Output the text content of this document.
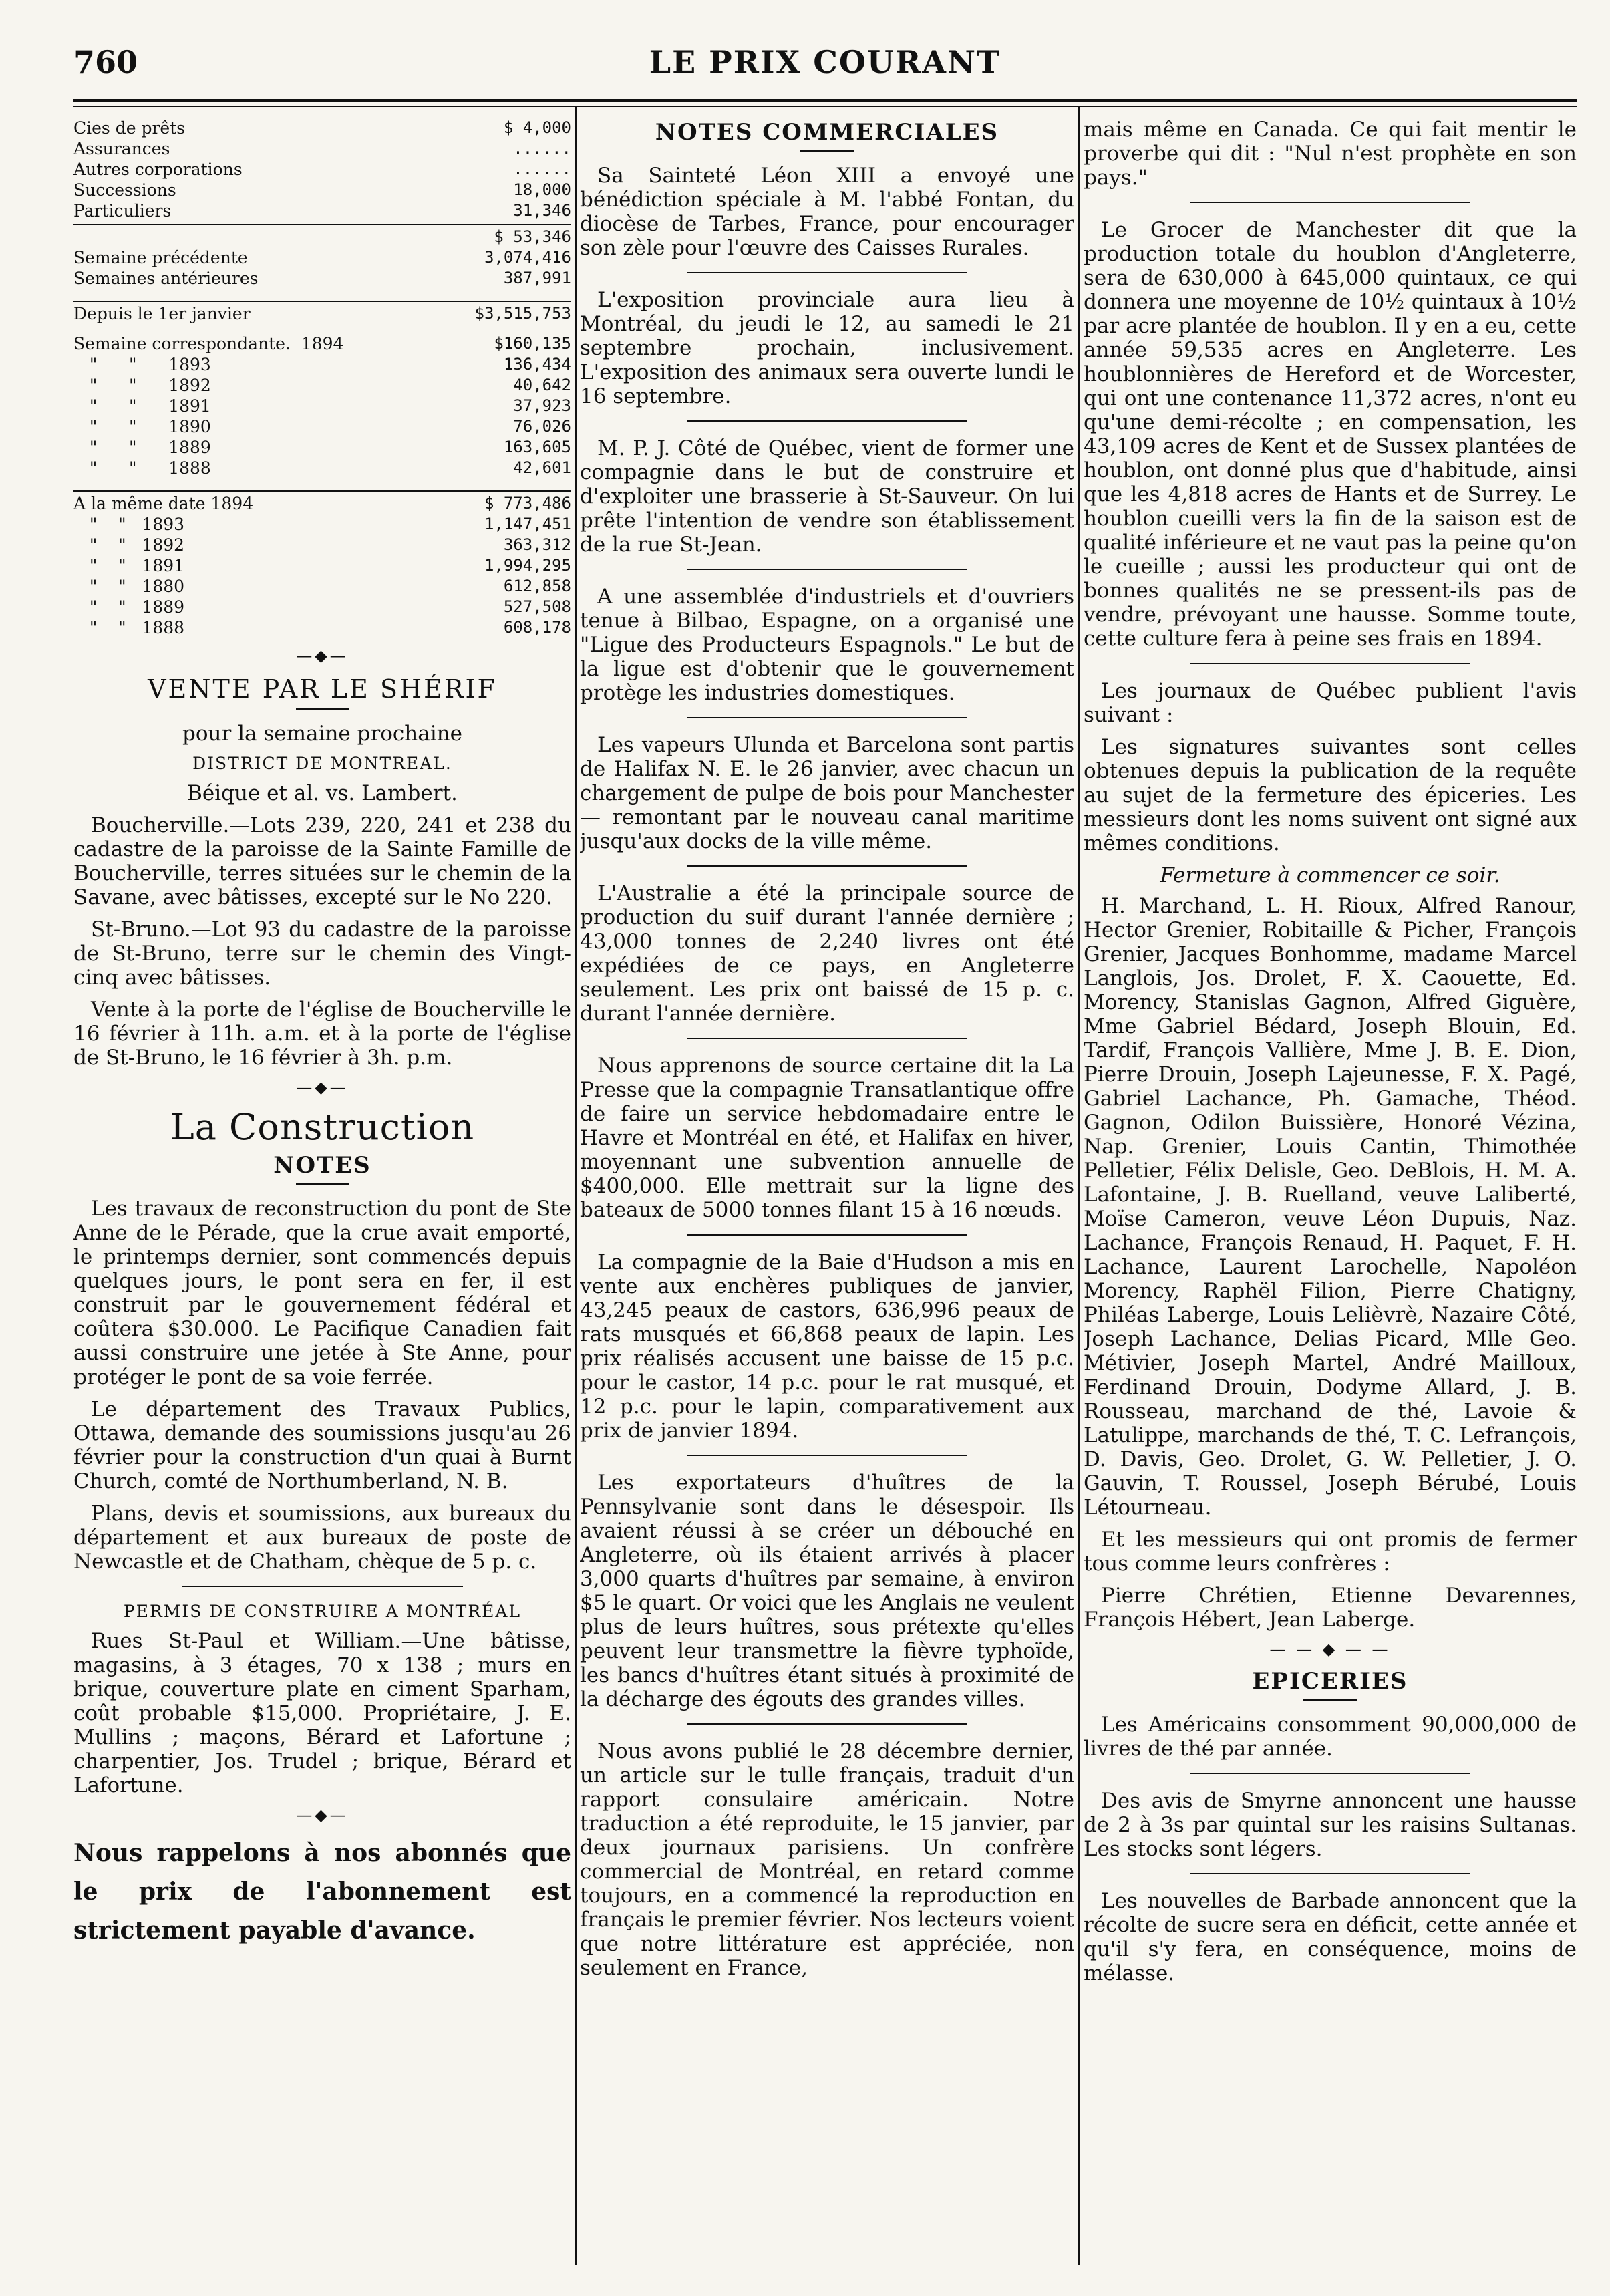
760	LE PRIX COURANT
Cies de prêts	$ 4,000
Assurances	......
Autres corporations	......
Successions	18,000
Particuliers	31,346
$ 53,346
Semaine précédente	3,074,416
Semaines antérieures	387,991
Depuis le 1er janvier	$3,515,753
Semaine correspondante.  1894	$160,135
"      "      1893	136,434
"      "      1892	40,642
"      "      1891	37,923
"      "      1890	76,026
"      "      1889	163,605
"      "      1888	42,601
A la même date 1894	$ 773,486
"    "   1893	1,147,451
"    "   1892	363,312
"    "   1891	1,994,295
"    "   1880	612,858
"    "   1889	527,508
"    "   1888	608,178
—◆—
VENTE PAR LE SHÉRIF

pour la semaine prochaine

DISTRICT DE MONTREAL.

Béique et al. vs. Lambert.

Boucherville.—Lots 239, 220, 241 et 238 du cadastre de la paroisse de la Sainte Famille de Boucherville, terres situées sur le chemin de la Savane, avec bâtisses, excepté sur le No 220.

St-Bruno.—Lot 93 du cadastre de la paroisse de St-Bruno, terre sur le chemin des Vingt-cinq avec bâtisses.

Vente à la porte de l'église de Boucherville le 16 février à 11h. a.m. et à la porte de l'église de St-Bruno, le 16 février à 3h. p.m.

—◆—
La Construction
NOTES

Les travaux de reconstruction du pont de Ste Anne de le Pérade, que la crue avait emporté, le printemps dernier, sont commencés depuis quelques jours, le pont sera en fer, il est construit par le gouvernement fédéral et coûtera $30.000. Le Pacifique Canadien fait aussi construire une jetée à Ste Anne, pour protéger le pont de sa voie ferrée.

Le département des Travaux Publics, Ottawa, demande des soumissions jusqu'au 26 février pour la construction d'un quai à Burnt Church, comté de Northumberland, N. B.

Plans, devis et soumissions, aux bureaux du département et aux bureaux de poste de Newcastle et de Chatham, chèque de 5 p. c.

PERMIS DE CONSTRUIRE A MONTRÉAL

Rues St-Paul et William.—Une bâtisse, magasins, à 3 étages, 70 x 138 ; murs en brique, couverture plate en ciment Sparham, coût probable $15,000. Propriétaire, J. E. Mullins ; maçons, Bérard et Lafortune ; charpentier, Jos. Trudel ; brique, Bérard et Lafortune.

—◆—

Nous rappelons à nos abonnés que le prix de l'abonnement est strictement payable d'avance.

NOTES COMMERCIALES

Sa Sainteté Léon XIII a envoyé une bénédiction spéciale à M. l'abbé Fontan, du diocèse de Tarbes, France, pour encourager son zèle pour l'œuvre des Caisses Rurales.

L'exposition provinciale aura lieu à Montréal, du jeudi le 12, au samedi le 21 septembre prochain, inclusivement. L'exposition des animaux sera ouverte lundi le 16 septembre.

M. P. J. Côté de Québec, vient de former une compagnie dans le but de construire et d'exploiter une brasserie à St-Sauveur. On lui prête l'intention de vendre son établissement de la rue St-Jean.

A une assemblée d'industriels et d'ouvriers tenue à Bilbao, Espagne, on a organisé une "Ligue des Producteurs Espagnols." Le but de la ligue est d'obtenir que le gouvernement protège les industries domestiques.

Les vapeurs Ulunda et Barcelona sont partis de Halifax N. E. le 26 janvier, avec chacun un chargement de pulpe de bois pour Manchester — remontant par le nouveau canal maritime jusqu'aux docks de la ville même.

L'Australie a été la principale source de production du suif durant l'année dernière ; 43,000 tonnes de 2,240 livres ont été expédiées de ce pays, en Angleterre seulement. Les prix ont baissé de 15 p. c. durant l'année dernière.

Nous apprenons de source certaine dit la La Presse que la compagnie Transatlantique offre de faire un service hebdomadaire entre le Havre et Montréal en été, et Halifax en hiver, moyennant une subvention annuelle de $400,000. Elle mettrait sur la ligne des bateaux de 5000 tonnes filant 15 à 16 nœuds.

La compagnie de la Baie d'Hudson a mis en vente aux enchères publiques de janvier, 43,245 peaux de castors, 636,996 peaux de rats musqués et 66,868 peaux de lapin. Les prix réalisés accusent une baisse de 15 p.c. pour le castor, 14 p.c. pour le rat musqué, et 12 p.c. pour le lapin, comparativement aux prix de janvier 1894.

Les exportateurs d'huîtres de la Pennsylvanie sont dans le désespoir. Ils avaient réussi à se créer un débouché en Angleterre, où ils étaient arrivés à placer 3,000 quarts d'huîtres par semaine, à environ $5 le quart. Or voici que les Anglais ne veulent plus de leurs huîtres, sous prétexte qu'elles peuvent leur transmettre la fièvre typhoïde, les bancs d'huîtres étant situés à proximité de la décharge des égouts des grandes villes.

Nous avons publié le 28 décembre dernier, un article sur le tulle français, traduit d'un rapport consulaire américain. Notre traduction a été reproduite, le 15 janvier, par deux journaux parisiens. Un confrère commercial de Montréal, en retard comme toujours, en a commencé la reproduction en français le premier février. Nos lecteurs voient que notre littérature est appréciée, non seulement en France,

mais même en Canada. Ce qui fait mentir le proverbe qui dit : "Nul n'est prophète en son pays."

Le Grocer de Manchester dit que la production totale du houblon d'Angleterre, sera de 630,000 à 645,000 quintaux, ce qui donnera une moyenne de 10½ quintaux à 10½ par acre plantée de houblon. Il y en a eu, cette année 59,535 acres en Angleterre. Les houblonnières de Hereford et de Worcester, qui ont une contenance 11,372 acres, n'ont eu qu'une demi-récolte ; en compensation, les 43,109 acres de Kent et de Sussex plantées de houblon, ont donné plus que d'habitude, ainsi que les 4,818 acres de Hants et de Surrey. Le houblon cueilli vers la fin de la saison est de qualité inférieure et ne vaut pas la peine qu'on le cueille ; aussi les producteur qui ont de bonnes qualités ne se pressent-ils pas de vendre, prévoyant une hausse. Somme toute, cette culture fera à peine ses frais en 1894.

Les journaux de Québec publient l'avis suivant :

Les signatures suivantes sont celles obtenues depuis la publication de la requête au sujet de la fermeture des épiceries. Les messieurs dont les noms suivent ont signé aux mêmes conditions.

Fermeture à commencer ce soir.

H. Marchand, L. H. Rioux, Alfred Ranour, Hector Grenier, Robitaille & Picher, François Grenier, Jacques Bonhomme, madame Marcel Langlois, Jos. Drolet, F. X. Caouette, Ed. Morency, Stanislas Gagnon, Alfred Giguère, Mme Gabriel Bédard, Joseph Blouin, Ed. Tardif, François Vallière, Mme J. B. E. Dion, Pierre Drouin, Joseph Lajeunesse, F. X. Pagé, Gabriel Lachance, Ph. Gamache, Théod. Gagnon, Odilon Buissière, Honoré Vézina, Nap. Grenier, Louis Cantin, Thimothée Pelletier, Félix Delisle, Geo. DeBlois, H. M. A. Lafontaine, J. B. Ruelland, veuve Laliberté, Moïse Cameron, veuve Léon Dupuis, Naz. Lachance, François Renaud, H. Paquet, F. H. Lachance, Laurent Larochelle, Napoléon Morency, Raphël Filion, Pierre Chatigny, Philéas Laberge, Louis Lelièvrè, Nazaire Côté, Joseph Lachance, Delias Picard, Mlle Geo. Métivier, Joseph Martel, André Mailloux, Ferdinand Drouin, Dodyme Allard, J. B. Rousseau, marchand de thé, Lavoie & Latulippe, marchands de thé, T. C. Lefrançois, D. Davis, Geo. Drolet, G. W. Pelletier, J. O. Gauvin, T. Roussel, Joseph Bérubé, Louis Létourneau.

Et les messieurs qui ont promis de fermer tous comme leurs confrères :

Pierre Chrétien, Etienne Devarennes, François Hébert, Jean Laberge.

— — ◆ — —
EPICERIES

Les Américains consomment 90,000,000 de livres de thé par année.

Des avis de Smyrne annoncent une hausse de 2 à 3s par quintal sur les raisins Sultanas. Les stocks sont légers.

Les nouvelles de Barbade annoncent que la récolte de sucre sera en déficit, cette année et qu'il s'y fera, en conséquence, moins de mélasse.
